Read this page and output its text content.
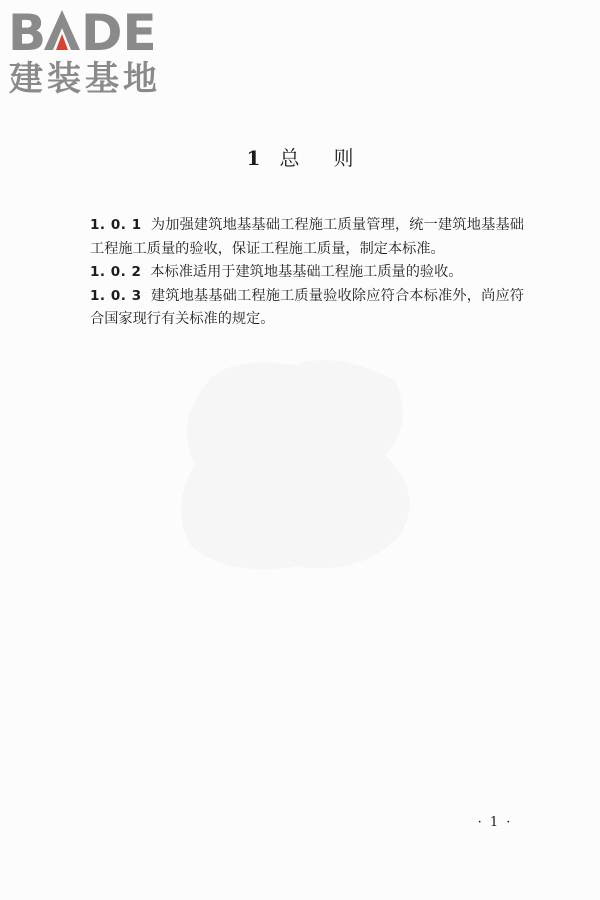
B DE
建装基地
1 总则

1. 0. 1 为加强建筑地基基础工程施工质量管理，统一建筑地基基础工程施工质量的验收，保证工程施工质量，制定本标准。

1. 0. 2 本标准适用于建筑地基基础工程施工质量的验收。

1. 0. 3 建筑地基基础工程施工质量验收除应符合本标准外，尚应符合国家现行有关标准的规定。

· 1 ·
